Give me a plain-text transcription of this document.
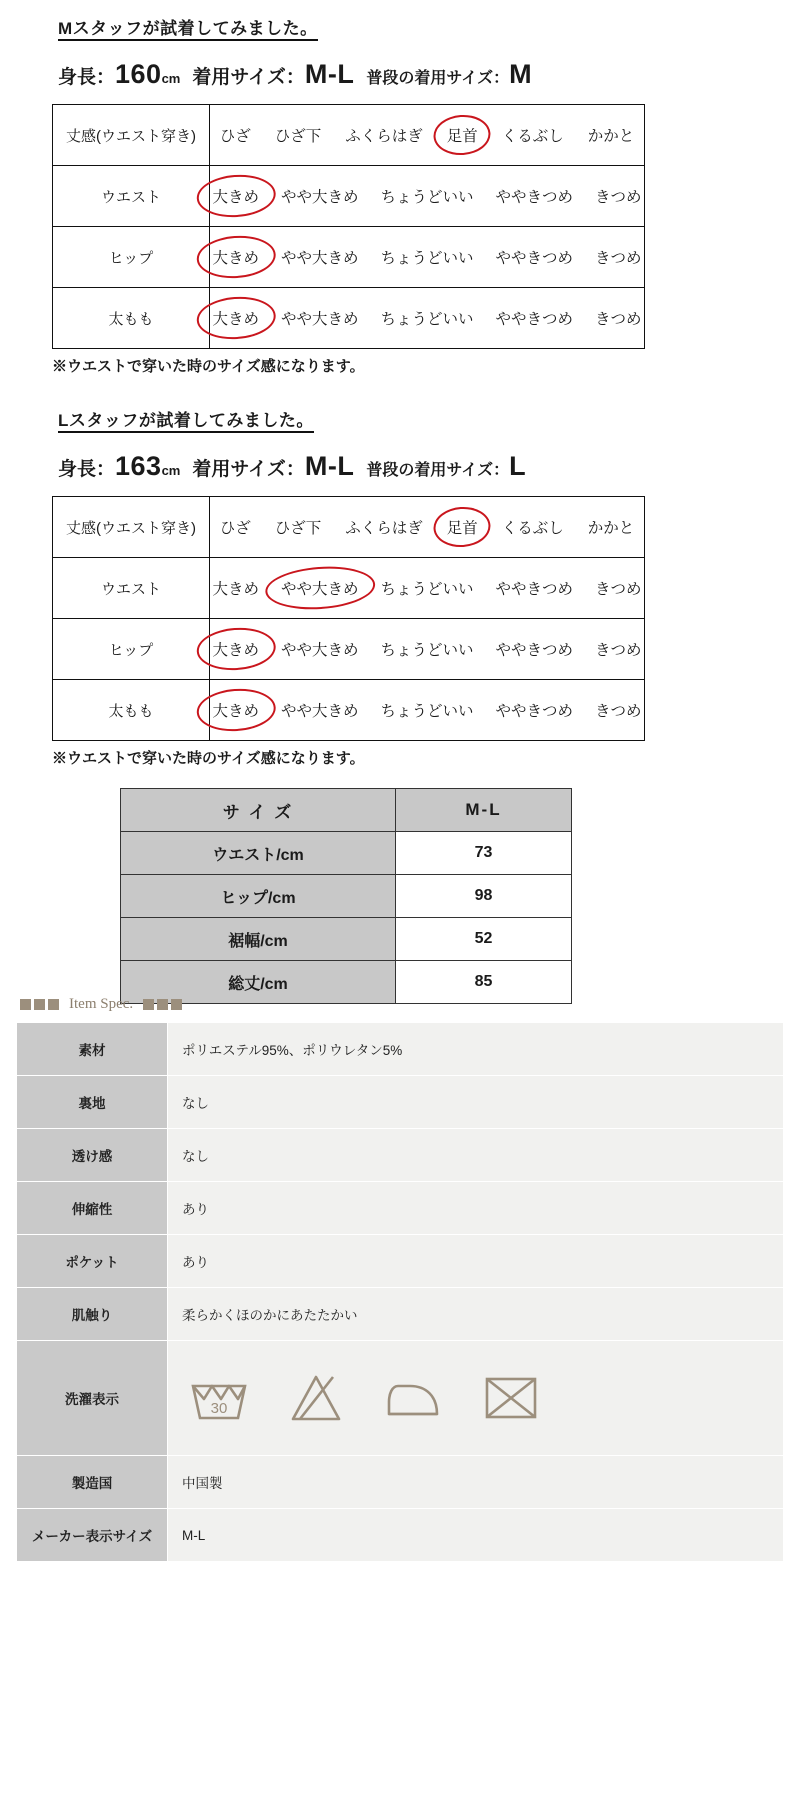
Mスタッフが試着してみました。
身長：160cm 着用サイズ：M-L 普段の着用サイズ：M
丈感(ウエスト穿き)	ひざ ひざ下 ふくらはぎ 足首 くるぶし かかと

ウエスト	大きめ やや大きめ ちょうどいい ややきつめ きつめ

ヒップ	大きめ やや大きめ ちょうどいい ややきつめ きつめ

太もも	大きめ やや大きめ ちょうどいい ややきつめ きつめ
※ウエストで穿いた時のサイズ感になります。
Lスタッフが試着してみました。
身長：163cm 着用サイズ：M-L 普段の着用サイズ：L
丈感(ウエスト穿き)	ひざ ひざ下 ふくらはぎ 足首 くるぶし かかと

ウエスト	大きめ やや大きめ ちょうどいい ややきつめ きつめ

ヒップ	大きめ やや大きめ ちょうどいい ややきつめ きつめ

太もも	大きめ やや大きめ ちょうどいい ややきつめ きつめ
※ウエストで穿いた時のサイズ感になります。
サ イ ズ	M-L
ウエスト/cm	73
ヒップ/cm	98
裾幅/cm	52
総丈/cm	85
Item Spec.
素材	ポリエステル95%、ポリウレタン5%
裏地	なし
透け感	なし
伸縮性	あり
ポケット	あり
肌触り	柔らかくほのかにあたたかい
洗濯表示	30

製造国	中国製
メーカー表示サイズ	M-L
